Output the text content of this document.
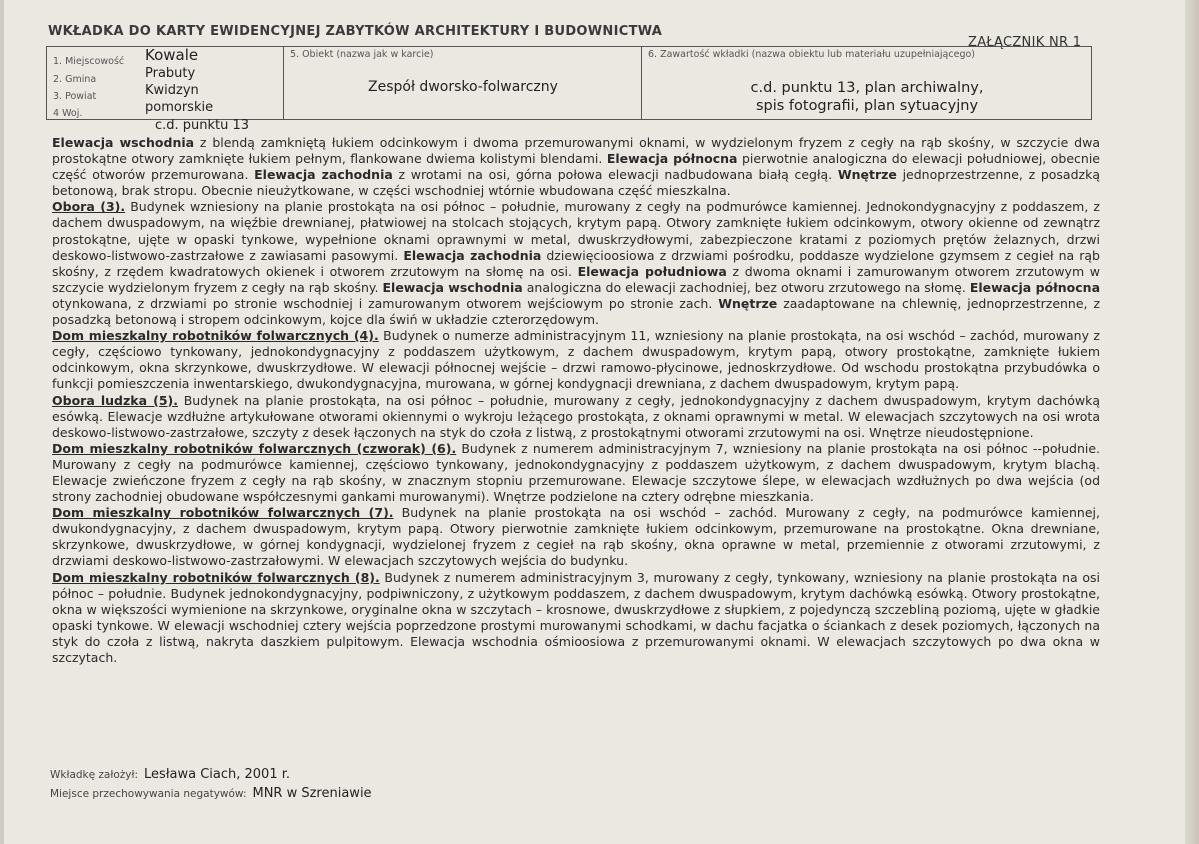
WKŁADKA DO KARTY EWIDENCYJNEJ ZABYTKÓW ARCHITEKTURY I BUDOWNICTWA
ZAŁĄCZNIK NR 1
1. Miejscowość Kowale
2. Gmina	Prabuty
3. Powiat	Kwidzyn
4 Woj.	pomorskie
5. Obiekt (nazwa jak w karcie)
Zespół dworsko-folwarczny
6. Zawartość wkładki (nazwa obiektu lub materiału uzupełniającego)
c.d. punktu 13, plan archiwalny,
spis fotografii, plan sytuacyjny
c.d. punktu 13

Elewacja wschodnia z blendą zamkniętą łukiem odcinkowym i dwoma przemurowanymi oknami, w wydzielonym fryzem z cegły na rąb skośny, w szczycie dwa prostokątne otwory zamknięte łukiem pełnym, flankowane dwiema kolistymi blendami. Elewacja północna pierwotnie analogiczna do elewacji południowej, obecnie część otworów przemurowana. Elewacja zachodnia z wrotami na osi, górna połowa elewacji nadbudowana białą cegłą. Wnętrze jednoprzestrzenne, z posadzką betonową, brak stropu. Obecnie nieużytkowane, w części wschodniej wtórnie wbudowana część mieszkalna.

Obora (3). Budynek wzniesiony na planie prostokąta na osi północ – południe, murowany z cegły na podmurówce kamiennej. Jednokondygnacyjny z poddaszem, z dachem dwuspadowym, na więźbie drewnianej, płatwiowej na stolcach stojących, krytym papą. Otwory zamknięte łukiem odcinkowym, otwory okienne od zewnątrz prostokątne, ujęte w opaski tynkowe, wypełnione oknami oprawnymi w metal, dwuskrzydłowymi, zabezpieczone kratami z poziomych prętów żelaznych, drzwi deskowo-listwowo-zastrzałowe z zawiasami pasowymi. Elewacja zachodnia dziewięcioosiowa z drzwiami pośrodku, poddasze wydzielone gzymsem z cegieł na rąb skośny, z rzędem kwadratowych okienek i otworem zrzutowym na słomę na osi. Elewacja południowa z dwoma oknami i zamurowanym otworem zrzutowym w szczycie wydzielonym fryzem z cegły na rąb skośny. Elewacja wschodnia analogiczna do elewacji zachodniej, bez otworu zrzutowego na słomę. Elewacja północna otynkowana, z drzwiami po stronie wschodniej i zamurowanym otworem wejściowym po stronie zach. Wnętrze zaadaptowane na chlewnię, jednoprzestrzenne, z posadzką betonową i stropem odcinkowym, kojce dla świń w układzie czterorzędowym.

Dom mieszkalny robotników folwarcznych (4). Budynek o numerze administracyjnym 11, wzniesiony na planie prostokąta, na osi wschód – zachód, murowany z cegły, częściowo tynkowany, jednokondygnacyjny z poddaszem użytkowym, z dachem dwuspadowym, krytym papą, otwory prostokątne, zamknięte łukiem odcinkowym, okna skrzynkowe, dwuskrzydłowe. W elewacji północnej wejście – drzwi ramowo-płycinowe, jednoskrzydłowe. Od wschodu prostokątna przybudówka o funkcji pomieszczenia inwentarskiego, dwukondygnacyjna, murowana, w górnej kondygnacji drewniana, z dachem dwuspadowym, krytym papą.

Obora ludzka (5). Budynek na planie prostokąta, na osi północ – południe, murowany z cegły, jednokondygnacyjny z dachem dwuspadowym, krytym dachówką esówką. Elewacje wzdłużne artykułowane otworami okiennymi o wykroju leżącego prostokąta, z oknami oprawnymi w metal. W elewacjach szczytowych na osi wrota deskowo-listwowo-zastrzałowe, szczyty z desek łączonych na styk do czoła z listwą, z prostokątnymi otworami zrzutowymi na osi. Wnętrze nieudostępnione.

Dom mieszkalny robotników folwarcznych (czworak) (6). Budynek z numerem administracyjnym 7, wzniesiony na planie prostokąta na osi północ --południe. Murowany z cegły na podmurówce kamiennej, częściowo tynkowany, jednokondygnacyjny z poddaszem użytkowym, z dachem dwuspadowym, krytym blachą. Elewacje zwieńczone fryzem z cegły na rąb skośny, w znacznym stopniu przemurowane. Elewacje szczytowe ślepe, w elewacjach wzdłużnych po dwa wejścia (od strony zachodniej obudowane współczesnymi gankami murowanymi). Wnętrze podzielone na cztery odrębne mieszkania.

Dom mieszkalny robotników folwarcznych (7). Budynek na planie prostokąta na osi wschód – zachód. Murowany z cegły, na podmurówce kamiennej, dwukondygnacyjny, z dachem dwuspadowym, krytym papą. Otwory pierwotnie zamknięte łukiem odcinkowym, przemurowane na prostokątne. Okna drewniane, skrzynkowe, dwuskrzydłowe, w górnej kondygnacji, wydzielonej fryzem z cegieł na rąb skośny, okna oprawne w metal, przemiennie z otworami zrzutowymi, z drzwiami deskowo-listwowo-zastrzałowymi. W elewacjach szczytowych wejścia do budynku.

Dom mieszkalny robotników folwarcznych (8). Budynek z numerem administracyjnym 3, murowany z cegły, tynkowany, wzniesiony na planie prostokąta na osi północ – południe. Budynek jednokondygnacyjny, podpiwniczony, z użytkowym poddaszem, z dachem dwuspadowym, krytym dachówką esówką. Otwory prostokątne, okna w większości wymienione na skrzynkowe, oryginalne okna w szczytach – krosnowe, dwuskrzydłowe z słupkiem, z pojedynczą szczebliną poziomą, ujęte w gładkie opaski tynkowe. W elewacji wschodniej cztery wejścia poprzedzone prostymi murowanymi schodkami, w dachu facjatka o ściankach z desek poziomych, łączonych na styk do czoła z listwą, nakryta daszkiem pulpitowym. Elewacja wschodnia ośmioosiowa z przemurowanymi oknami. W elewacjach szczytowych po dwa okna w szczytach.

Wkładkę założył: Lesława Ciach, 2001 r.
Miejsce przechowywania negatywów: MNR w Szreniawie
